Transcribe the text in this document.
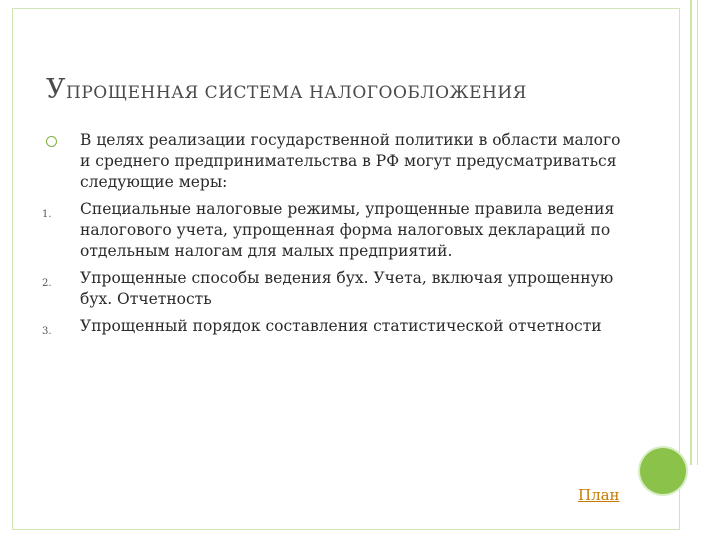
УПРОЩЕННАЯ СИСТЕМА НАЛОГООБЛОЖЕНИЯ
В целях реализации государственной политики в области малого и среднего предпринимательства в РФ могут предусматриваться следующие меры:
1.	Специальные налоговые режимы, упрощенные правила ведения налогового учета, упрощенная форма налоговых деклараций по отдельным налогам для малых предприятий.
2.	Упрощенные способы ведения бух. Учета, включая упрощенную бух. Отчетность
3.	Упрощенный порядок составления статистической отчетности
План
